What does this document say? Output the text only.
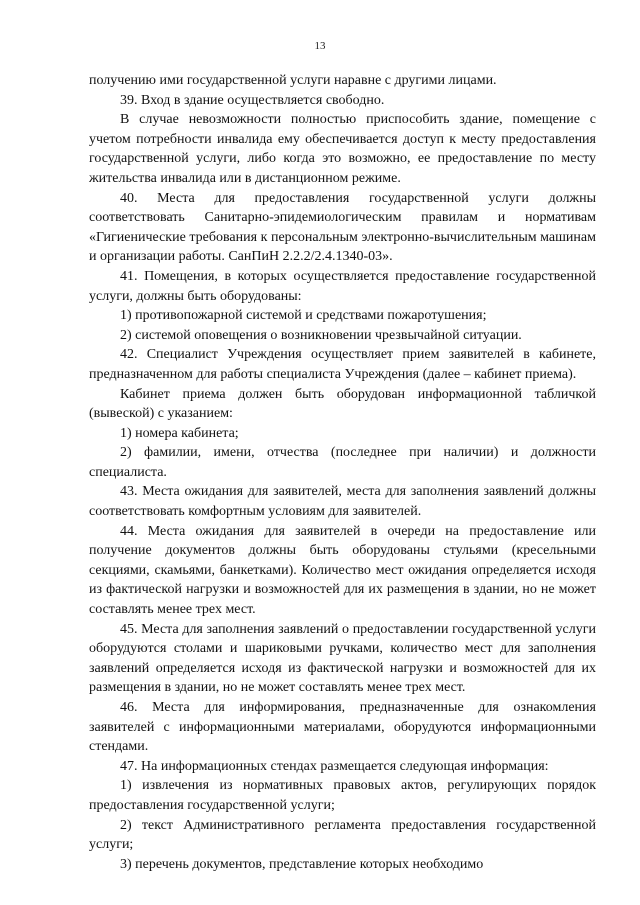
13

получению ими государственной услуги наравне с другими лицами.

39. Вход в здание осуществляется свободно.

В случае невозможности полностью приспособить здание, помещение с учетом потребности инвалида ему обеспечивается доступ к месту предоставления государственной услуги, либо когда это возможно, ее предоставление по месту жительства инвалида или в дистанционном режиме.

40. Места для предоставления государственной услуги должны соответствовать Санитарно-эпидемиологическим правилам и нормативам «Гигиенические требования к персональным электронно-вычислительным машинам и организации работы. СанПиН 2.2.2/2.4.1340-03».

41. Помещения, в которых осуществляется предоставление государственной услуги, должны быть оборудованы:

1) противопожарной системой и средствами пожаротушения;

2) системой оповещения о возникновении чрезвычайной ситуации.

42. Специалист Учреждения осуществляет прием заявителей в кабинете, предназначенном для работы специалиста Учреждения (далее – кабинет приема).

Кабинет приема должен быть оборудован информационной табличкой (вывеской) с указанием:

1) номера кабинета;

2) фамилии, имени, отчества (последнее при наличии) и должности специалиста.

43. Места ожидания для заявителей, места для заполнения заявлений должны соответствовать комфортным условиям для заявителей.

44. Места ожидания для заявителей в очереди на предоставление или получение документов должны быть оборудованы стульями (кресельными секциями, скамьями, банкетками). Количество мест ожидания определяется исходя из фактической нагрузки и возможностей для их размещения в здании, но не может составлять менее трех мест.

45. Места для заполнения заявлений о предоставлении государственной услуги оборудуются столами и шариковыми ручками, количество мест для заполнения заявлений определяется исходя из фактической нагрузки и возможностей для их размещения в здании, но не может составлять менее трех мест.

46. Места для информирования, предназначенные для ознакомления заявителей с информационными материалами, оборудуются информационными стендами.

47. На информационных стендах размещается следующая информация:

1) извлечения из нормативных правовых актов, регулирующих порядок предоставления государственной услуги;

2) текст Административного регламента предоставления государственной услуги;

3) перечень документов, представление которых необходимо
